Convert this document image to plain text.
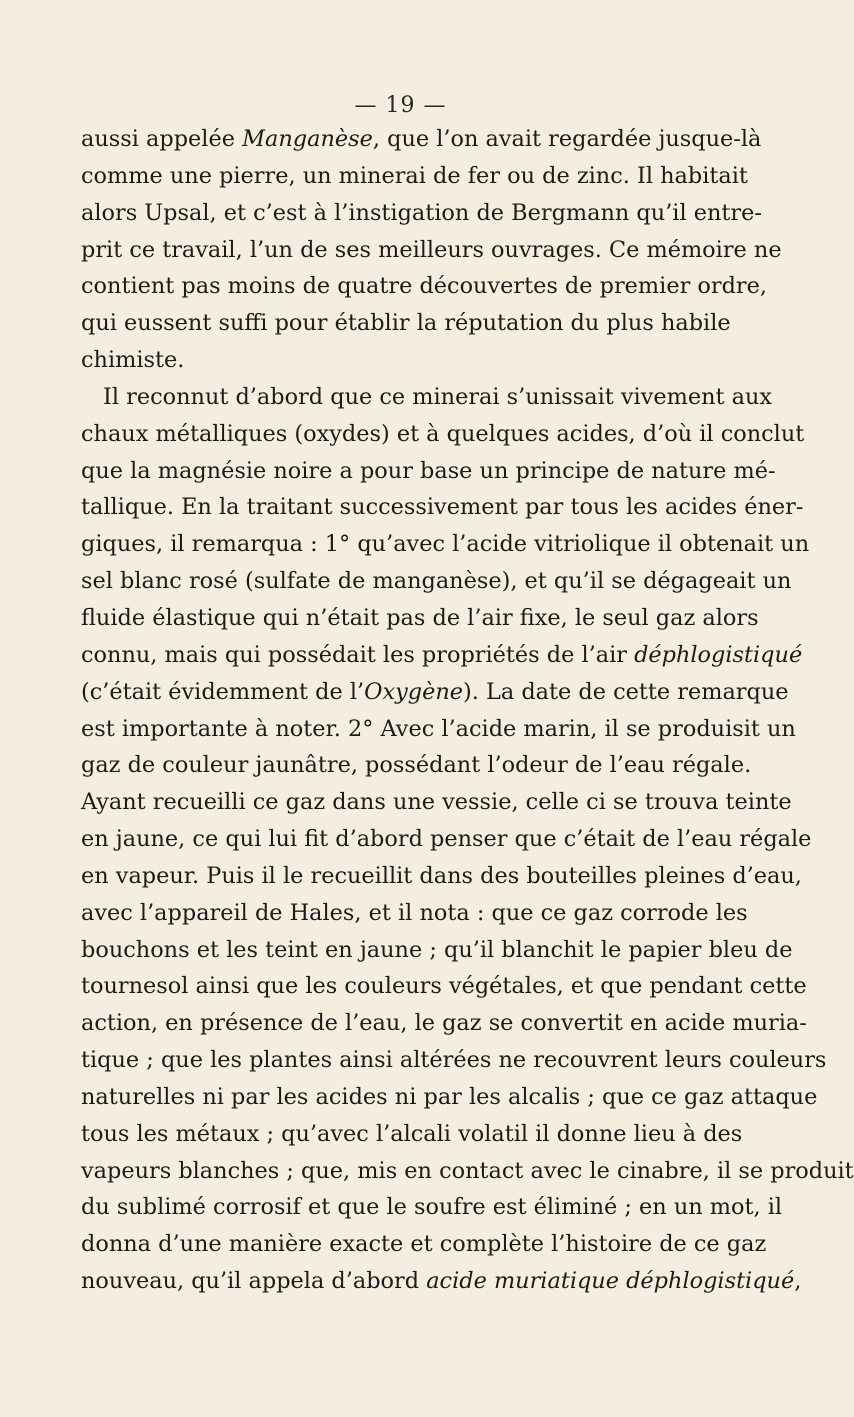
— 19 —
aussi appelée Manganèse, que l’on avait regardée jusque-là
comme une pierre, un minerai de fer ou de zinc. Il habitait
alors Upsal, et c’est à l’instigation de Bergmann qu’il entre-
prit ce travail, l’un de ses meilleurs ouvrages. Ce mémoire ne
contient pas moins de quatre découvertes de premier ordre,
qui eussent suffi pour établir la réputation du plus habile
chimiste.
Il reconnut d’abord que ce minerai s’unissait vivement aux
chaux métalliques (oxydes) et à quelques acides, d’où il conclut
que la magnésie noire a pour base un principe de nature mé-
tallique. En la traitant successivement par tous les acides éner-
giques, il remarqua : 1° qu’avec l’acide vitriolique il obtenait un
sel blanc rosé (sulfate de manganèse), et qu’il se dégageait un
fluide élastique qui n’était pas de l’air fixe, le seul gaz alors
connu, mais qui possédait les propriétés de l’air déphlogistiqué
(c’était évidemment de l’Oxygène). La date de cette remarque
est importante à noter. 2° Avec l’acide marin, il se produisit un
gaz de couleur jaunâtre, possédant l’odeur de l’eau régale.
Ayant recueilli ce gaz dans une vessie, celle ci se trouva teinte
en jaune, ce qui lui fit d’abord penser que c’était de l’eau régale
en vapeur. Puis il le recueillit dans des bouteilles pleines d’eau,
avec l’appareil de Hales, et il nota : que ce gaz corrode les
bouchons et les teint en jaune ; qu’il blanchit le papier bleu de
tournesol ainsi que les couleurs végétales, et que pendant cette
action, en présence de l’eau, le gaz se convertit en acide muria-
tique ; que les plantes ainsi altérées ne recouvrent leurs couleurs
naturelles ni par les acides ni par les alcalis ; que ce gaz attaque
tous les métaux ; qu’avec l’alcali volatil il donne lieu à des
vapeurs blanches ; que, mis en contact avec le cinabre, il se produit
du sublimé corrosif et que le soufre est éliminé ; en un mot, il
donna d’une manière exacte et complète l’histoire de ce gaz
nouveau, qu’il appela d’abord acide muriatique déphlogistiqué,
